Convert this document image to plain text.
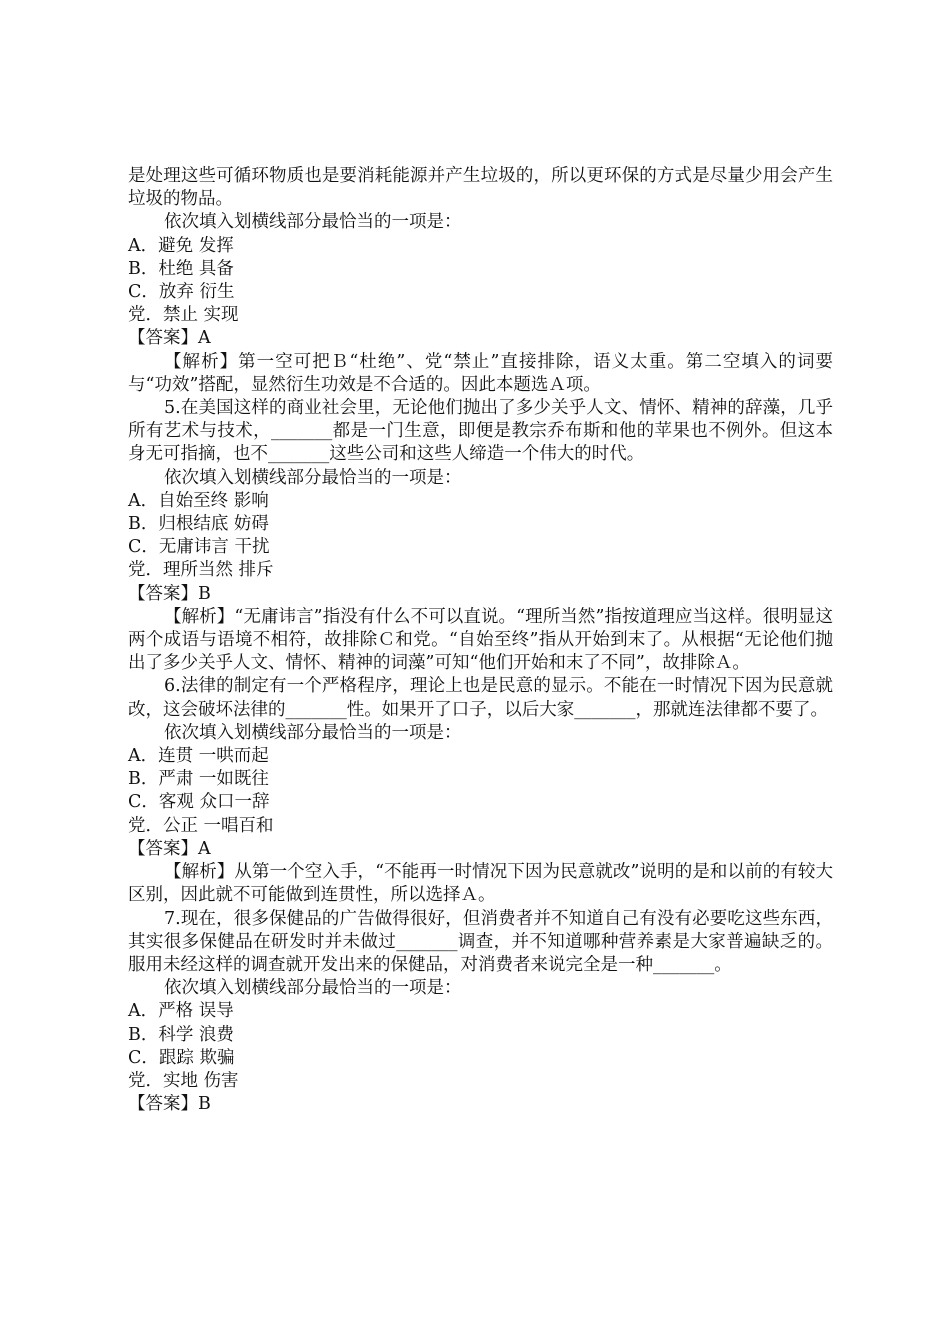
是处理这些可循环物质也是要消耗能源并产生垃圾的，所以更环保的方式是尽量少用会产生垃圾的物品。

依次填入划横线部分最恰当的一项是：

A．避免 发挥

B．杜绝 具备

C．放弃 衍生

党．禁止 实现

【答案】A

【解析】第一空可把Ｂ“杜绝”、党“禁止”直接排除，语义太重。第二空填入的词要与“功效”搭配，显然衍生功效是不合适的。因此本题选Ａ项。

5.在美国这样的商业社会里，无论他们抛出了多少关乎人文、情怀、精神的辞藻，几乎所有艺术与技术，_______都是一门生意，即便是教宗乔布斯和他的苹果也不例外。但这本身无可指摘，也不_______这些公司和这些人缔造一个伟大的时代。

依次填入划横线部分最恰当的一项是：

A．自始至终 影响

B．归根结底 妨碍

C．无庸讳言 干扰

党．理所当然 排斥

【答案】B

【解析】“无庸讳言”指没有什么不可以直说。“理所当然”指按道理应当这样。很明显这两个成语与语境不相符，故排除Ｃ和党。“自始至终”指从开始到末了。从根据“无论他们抛出了多少关乎人文、情怀、精神的词藻”可知“他们开始和末了不同”，故排除Ａ。

6.法律的制定有一个严格程序，理论上也是民意的显示。不能在一时情况下因为民意就改，这会破坏法律的_______性。如果开了口子，以后大家_______，那就连法律都不要了。

依次填入划横线部分最恰当的一项是：

A．连贯 一哄而起

B．严肃 一如既往

C．客观 众口一辞

党．公正 一唱百和

【答案】A

【解析】从第一个空入手，“不能再一时情况下因为民意就改”说明的是和以前的有较大区别，因此就不可能做到连贯性，所以选择Ａ。

7.现在，很多保健品的广告做得很好，但消费者并不知道自己有没有必要吃这些东西，其实很多保健品在研发时并未做过_______调查，并不知道哪种营养素是大家普遍缺乏的。服用未经这样的调查就开发出来的保健品，对消费者来说完全是一种_______。

依次填入划横线部分最恰当的一项是：

A．严格 误导

B．科学 浪费

C．跟踪 欺骗

党．实地 伤害

【答案】B
